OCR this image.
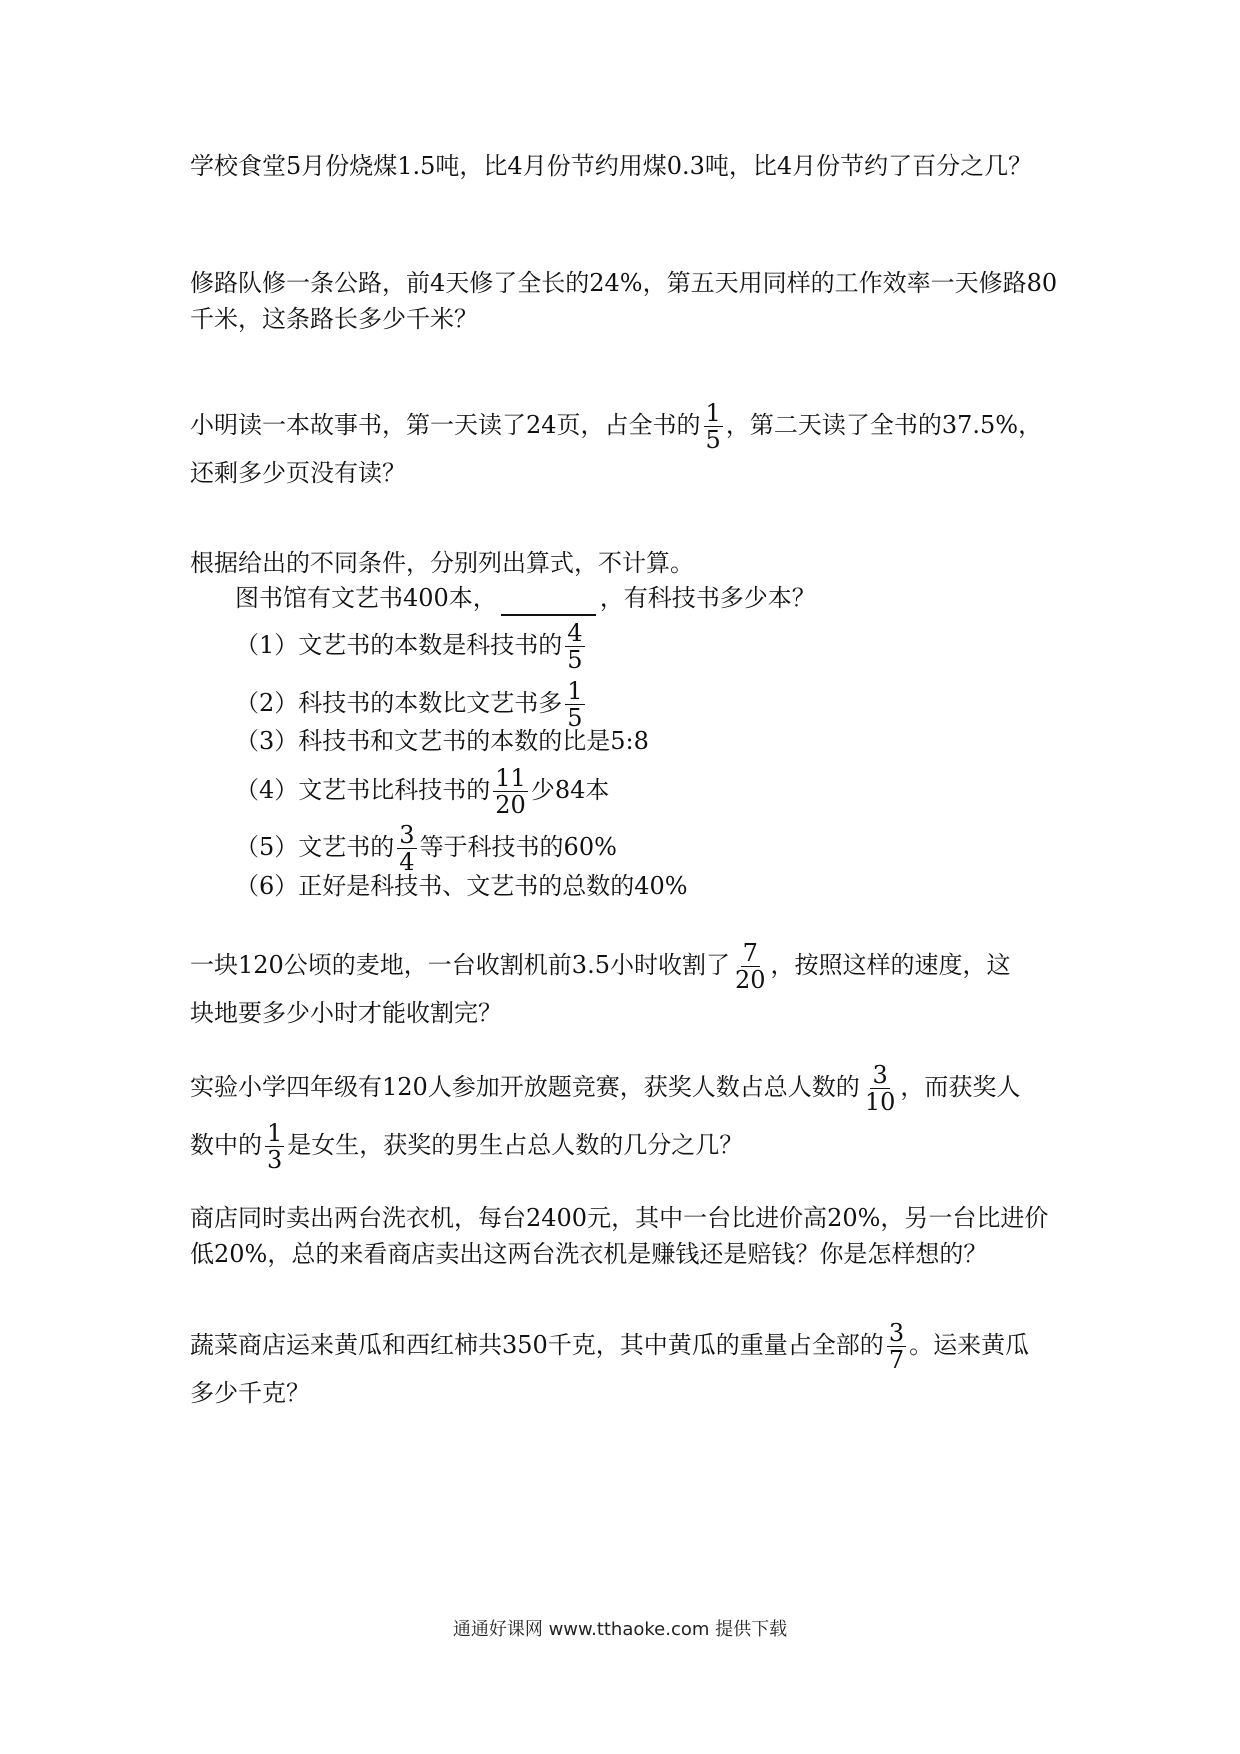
学校食堂5月份烧煤1.5吨，比4月份节约用煤0.3吨，比4月份节约了百分之几？

修路队修一条公路，前4天修了全长的24%，第五天用同样的工作效率一天修路80千米，这条路长多少千米？

小明读一本故事书，第一天读了24页，占全书的 $\frac{1}{5}$ ，第二天读了全书的37.5%，
还剩多少页没有读？
根据给出的不同条件，分别列出算式，不计算。
图书馆有文艺书400本，	，有科技书多少本？
（1）文艺书的本数是科技书的 $\frac{4}{5}$
（2）科技书的本数比文艺书多 $\frac{1}{5}$
（3）科技书和文艺书的本数的比是5:8
（4）文艺书比科技书的 $\frac{11}{20}$ 少84本
（5）文艺书的 $\frac{3}{4}$ 等于科技书的60%
（6）正好是科技书、文艺书的总数的40%
一块120公顷的麦地，一台收割机前3.5小时收割了 $\frac{7}{20}$ ，按照这样的速度，这
块地要多少小时才能收割完？
实验小学四年级有120人参加开放题竞赛，获奖人数占总人数的 $\frac{3}{10}$ ，而获奖人
数中的 $\frac{1}{3}$ 是女生，获奖的男生占总人数的几分之几？

商店同时卖出两台洗衣机，每台2400元，其中一台比进价高20%，另一台比进价低20%，总的来看商店卖出这两台洗衣机是赚钱还是赔钱？你是怎样想的？

蔬菜商店运来黄瓜和西红柿共350千克，其中黄瓜的重量占全部的 $\frac{3}{7}$ 。运来黄瓜
多少千克？
通通好课网 www.tthaoke.com 提供下载
